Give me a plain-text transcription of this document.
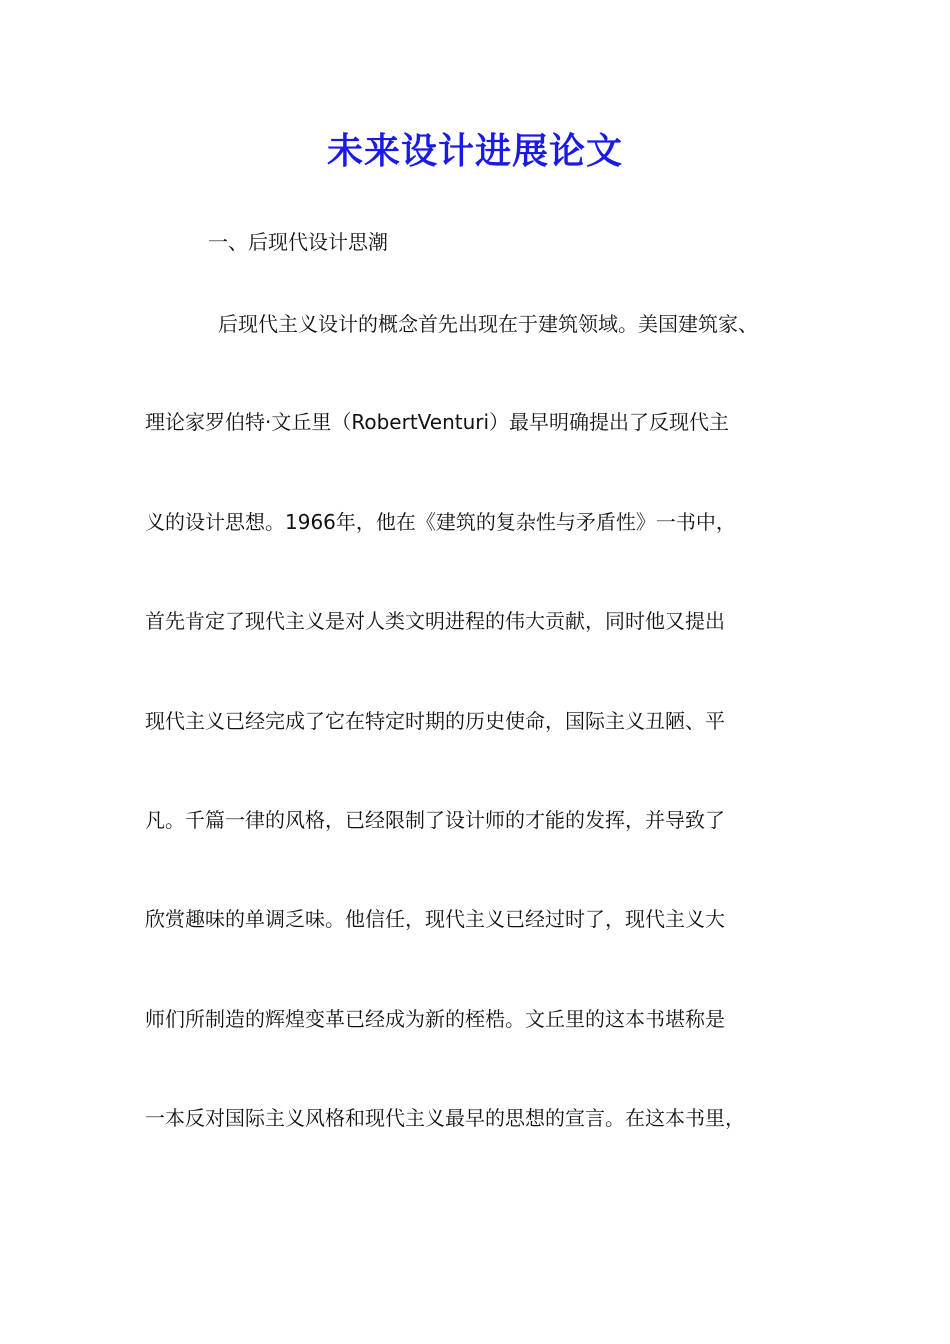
未来设计进展论文

一、后现代设计思潮

后现代主义设计的概念首先出现在于建筑领域。美国建筑家、

理论家罗伯特·文丘里（RobertVenturi）最早明确提出了反现代主

义的设计思想。1966年，他在《建筑的复杂性与矛盾性》一书中，

首先肯定了现代主义是对人类文明进程的伟大贡献，同时他又提出

现代主义已经完成了它在特定时期的历史使命，国际主义丑陋、平

凡。千篇一律的风格，已经限制了设计师的才能的发挥，并导致了

欣赏趣味的单调乏味。他信任，现代主义已经过时了，现代主义大

师们所制造的辉煌变革已经成为新的桎梏。文丘里的这本书堪称是

一本反对国际主义风格和现代主义最早的思想的宣言。在这本书里，
